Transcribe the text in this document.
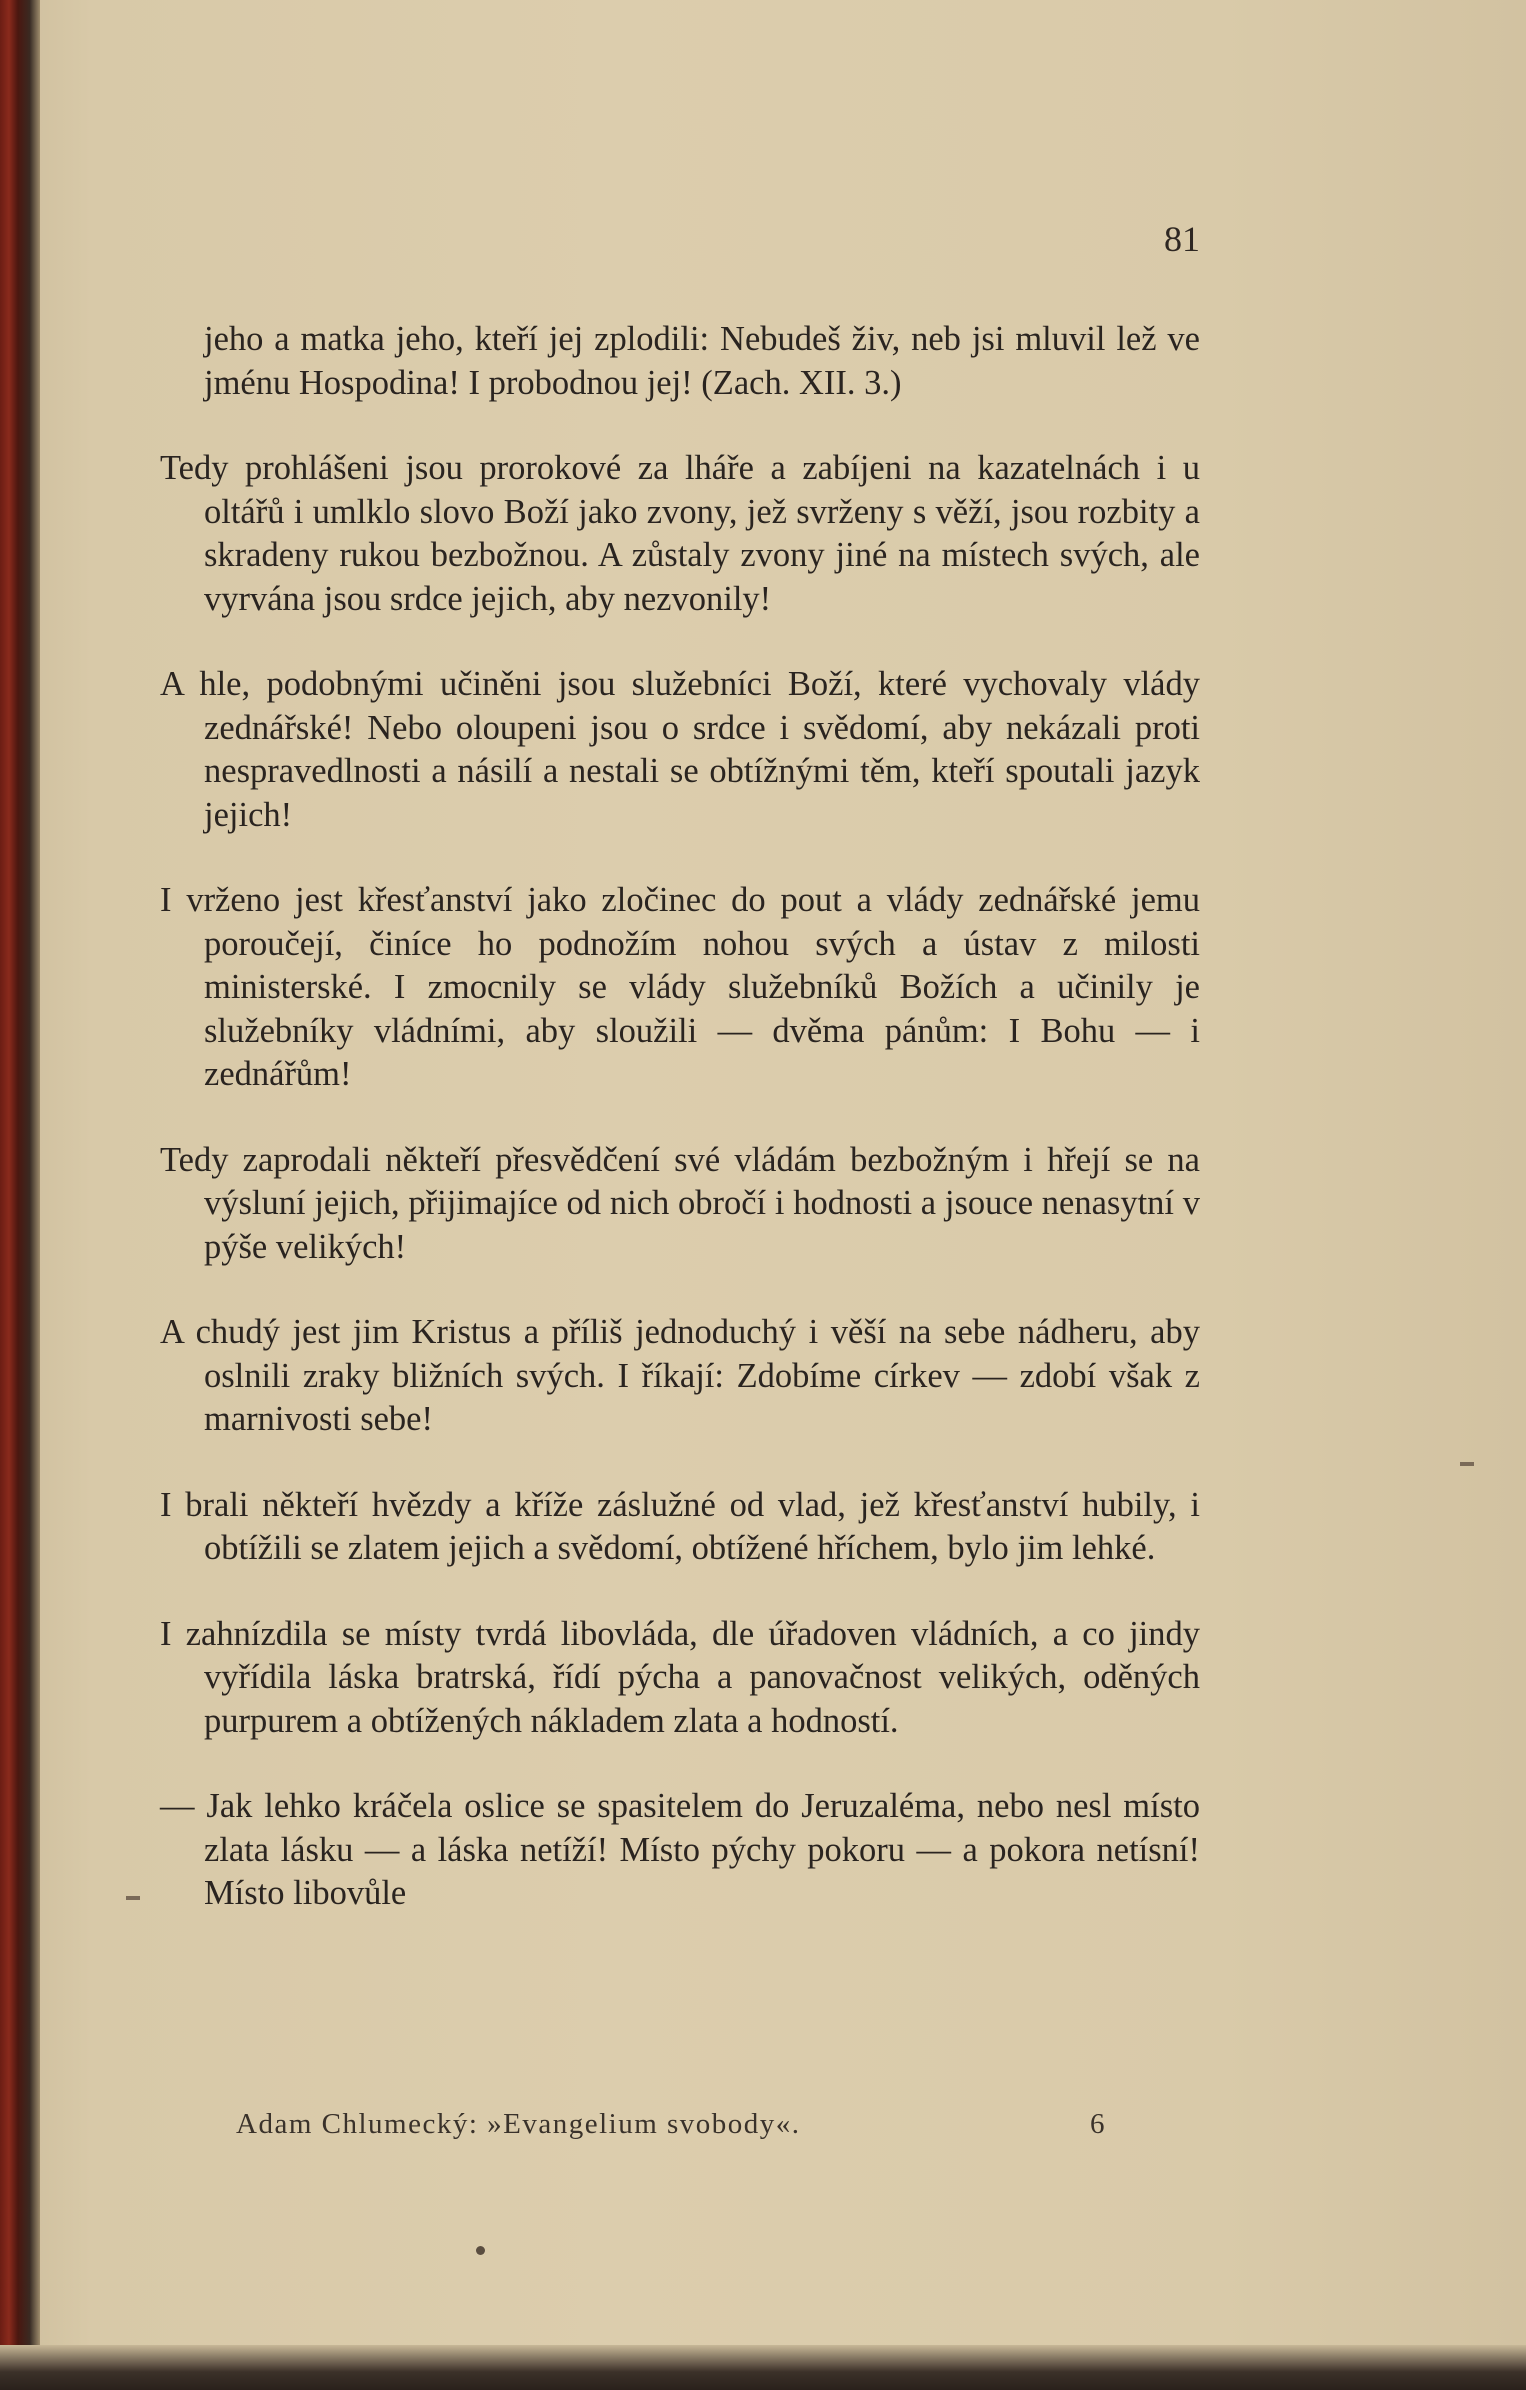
81

jeho a matka jeho, kteří jej zplodili: Nebudeš živ, neb jsi mluvil lež ve jménu Hospodina! I probodnou jej! (Zach. XII. 3.)

Tedy prohlášeni jsou prorokové za lháře a zabíjeni na kazatelnách i u oltářů i umlklo slovo Boží jako zvony, jež svrženy s věží, jsou rozbity a skradeny rukou bezbožnou. A zůstaly zvony jiné na místech svých, ale vyrvána jsou srdce jejich, aby nezvonily!

A hle, podobnými učiněni jsou služebníci Boží, které vychovaly vlády zednářské! Nebo oloupeni jsou o srdce i svědomí, aby nekázali proti nespravedlnosti a násilí a nestali se obtížnými těm, kteří spoutali jazyk jejich!

I vrženo jest křesťanství jako zločinec do pout a vlády zednářské jemu poroučejí, činíce ho podnožím nohou svých a ústav z milosti ministerské. I zmocnily se vlády služebníků Božích a učinily je služebníky vládními, aby sloužili — dvěma pánům: I Bohu — i zednářům!

Tedy zaprodali někteří přesvědčení své vládám bezbožným i hřejí se na výsluní jejich, přijimajíce od nich obročí i hodnosti a jsouce nenasytní v pýše velikých!

A chudý jest jim Kristus a příliš jednoduchý i věší na sebe nádheru, aby oslnili zraky bližních svých. I říkají: Zdobíme církev — zdobí však z marnivosti sebe!

I brali někteří hvězdy a kříže záslužné od vlad, jež křesťanství hubily, i obtížili se zlatem jejich a svědomí, obtížené hříchem, bylo jim lehké.

I zahnízdila se místy tvrdá libovláda, dle úřadoven vládních, a co jindy vyřídila láska bratrská, řídí pýcha a panovačnost velikých, oděných purpurem a obtížených nákladem zlata a hodností.

— Jak lehko kráčela oslice se spasitelem do Jeruzaléma, nebo nesl místo zlata lásku — a láska netíží! Místo pýchy pokoru — a pokora netísní! Místo libovůle

Adam Chlumecký: »Evangelium svobody«.	6
